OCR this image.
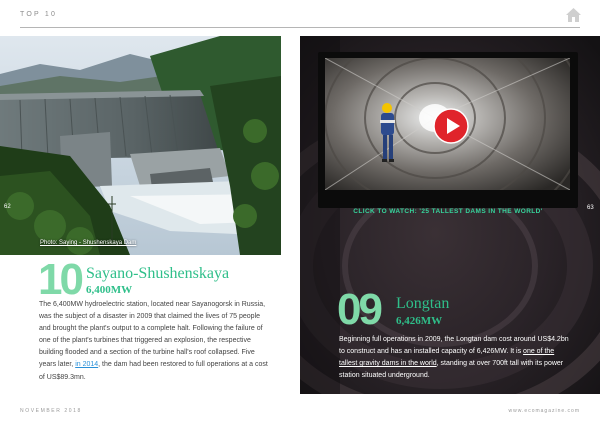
TOP 10
62
Photo: Saying - Shushenskaya Dam
10 Sayano-Shushenskaya
6,400MW

The 6,400MW hydroelectric station, located near Sayanogorsk in Russia, was the subject of a disaster in 2009 that claimed the lives of 75 people and brought the plant's output to a complete halt. Following the failure of one of the plant's turbines that triggered an explosion, the respective building flooded and a section of the turbine hall's roof collapsed. Five years later, in 2014, the dam had been restored to full operations at a cost of US$89.3mn.

CLICK TO WATCH: '25 TALLEST DAMS IN THE WORLD'	63
09 Longtan
6,426MW

Beginning full operations in 2009, the Longtan dam cost around US$4.2bn to construct and has an installed capacity of 6,426MW. It is one of the tallest gravity dams in the world, standing at over 700ft tall with its power station situated underground.

NOVEMBER 2018	www.ecomagazine.com
